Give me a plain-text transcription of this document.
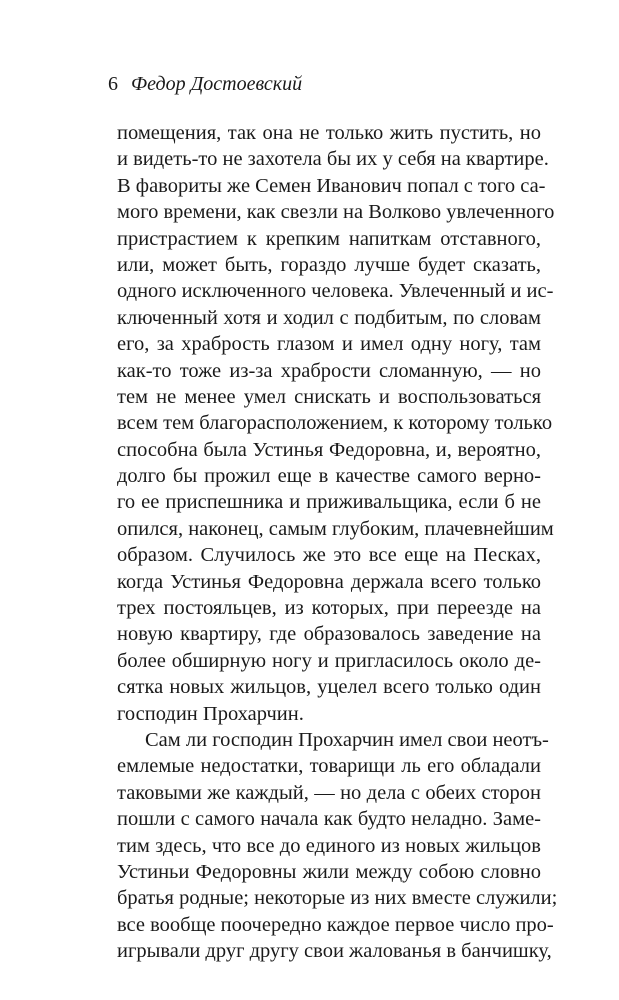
6 Федор Достоевский
помещения, так она не только жить пустить, но
и видеть-то не захотела бы их у себя на квартире.
В фавориты же Семен Иванович попал с того са-
мого времени, как свезли на Волково увлеченного
пристрастием к крепким напиткам отставного,
или, может быть, гораздо лучше будет сказать,
одного исключенного человека. Увлеченный и ис-
ключенный хотя и ходил с подбитым, по словам
его, за храбрость глазом и имел одну ногу, там
как-то тоже из-за храбрости сломанную, — но
тем не менее умел снискать и воспользоваться
всем тем благорасположением, к которому только
способна была Устинья Федоровна, и, вероятно,
долго бы прожил еще в качестве самого верно-
го ее приспешника и приживальщика, если б не
опился, наконец, самым глубоким, плачевнейшим
образом. Случилось же это все еще на Песках,
когда Устинья Федоровна держала всего только
трех постояльцев, из которых, при переезде на
новую квартиру, где образовалось заведение на
более обширную ногу и пригласилось около де-
сятка новых жильцов, уцелел всего только один
господин Прохарчин.
Сам ли господин Прохарчин имел свои неотъ-
емлемые недостатки, товарищи ль его обладали
таковыми же каждый, — но дела с обеих сторон
пошли с самого начала как будто неладно. Заме-
тим здесь, что все до единого из новых жильцов
Устиньи Федоровны жили между собою словно
братья родные; некоторые из них вместе служили;
все вообще поочередно каждое первое число про-
игрывали друг другу свои жалованья в банчишку,
